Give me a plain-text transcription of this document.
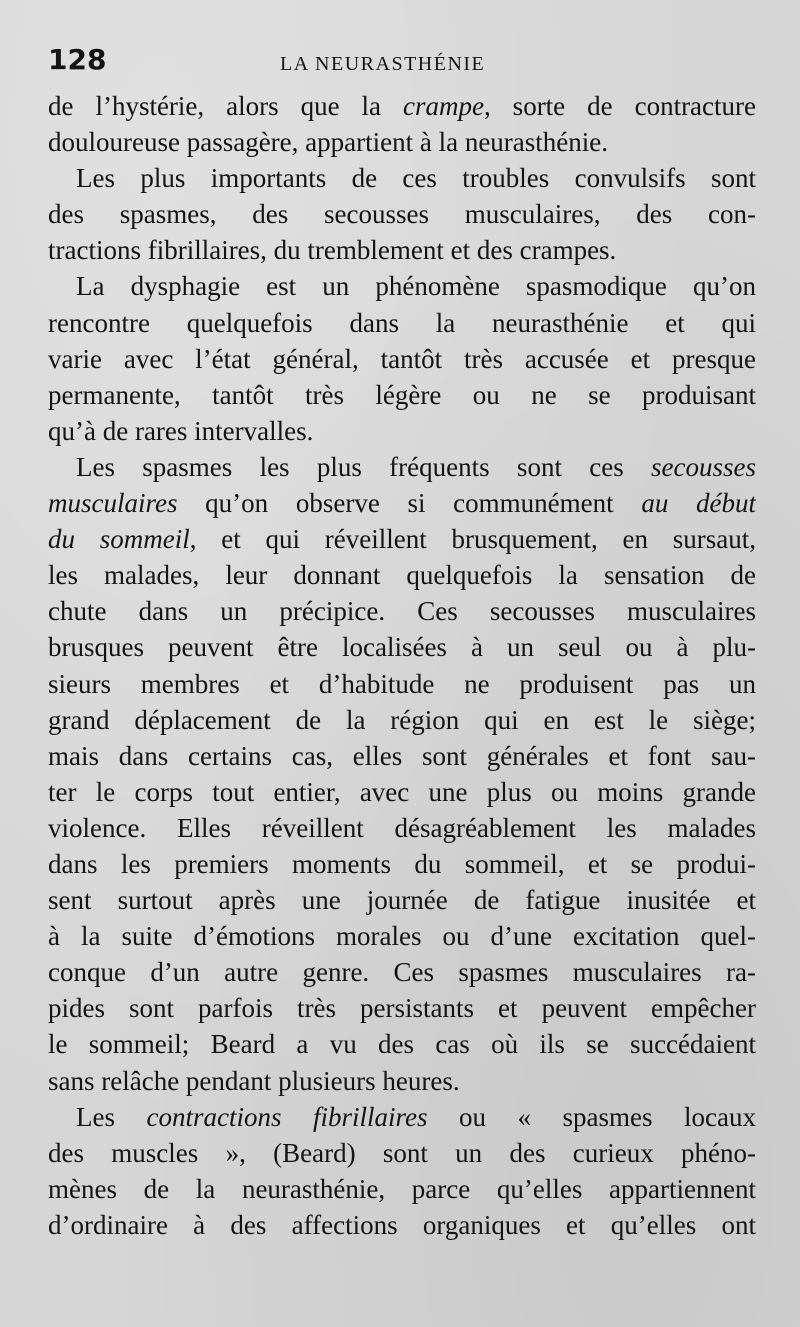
128	LA NEURASTHÉNIE
de l’hystérie, alors que la crampe, sorte de contracture
douloureuse passagère, appartient à la neurasthénie.
Les plus importants de ces troubles convulsifs sont
des spasmes, des secousses musculaires, des con-
tractions fibrillaires, du tremblement et des crampes.
La dysphagie est un phénomène spasmodique qu’on
rencontre quelquefois dans la neurasthénie et qui
varie avec l’état général, tantôt très accusée et presque
permanente, tantôt très légère ou ne se produisant
qu’à de rares intervalles.
Les spasmes les plus fréquents sont ces secousses
musculaires qu’on observe si communément au début
du sommeil, et qui réveillent brusquement, en sursaut,
les malades, leur donnant quelquefois la sensation de
chute dans un précipice. Ces secousses musculaires
brusques peuvent être localisées à un seul ou à plu-
sieurs membres et d’habitude ne produisent pas un
grand déplacement de la région qui en est le siège;
mais dans certains cas, elles sont générales et font sau-
ter le corps tout entier, avec une plus ou moins grande
violence. Elles réveillent désagréablement les malades
dans les premiers moments du sommeil, et se produi-
sent surtout après une journée de fatigue inusitée et
à la suite d’émotions morales ou d’une excitation quel-
conque d’un autre genre. Ces spasmes musculaires ra-
pides sont parfois très persistants et peuvent empêcher
le sommeil; Beard a vu des cas où ils se succédaient
sans relâche pendant plusieurs heures.
Les contractions fibrillaires ou « spasmes locaux
des muscles », (Beard) sont un des curieux phéno-
mènes de la neurasthénie, parce qu’elles appartiennent
d’ordinaire à des affections organiques et qu’elles ont
